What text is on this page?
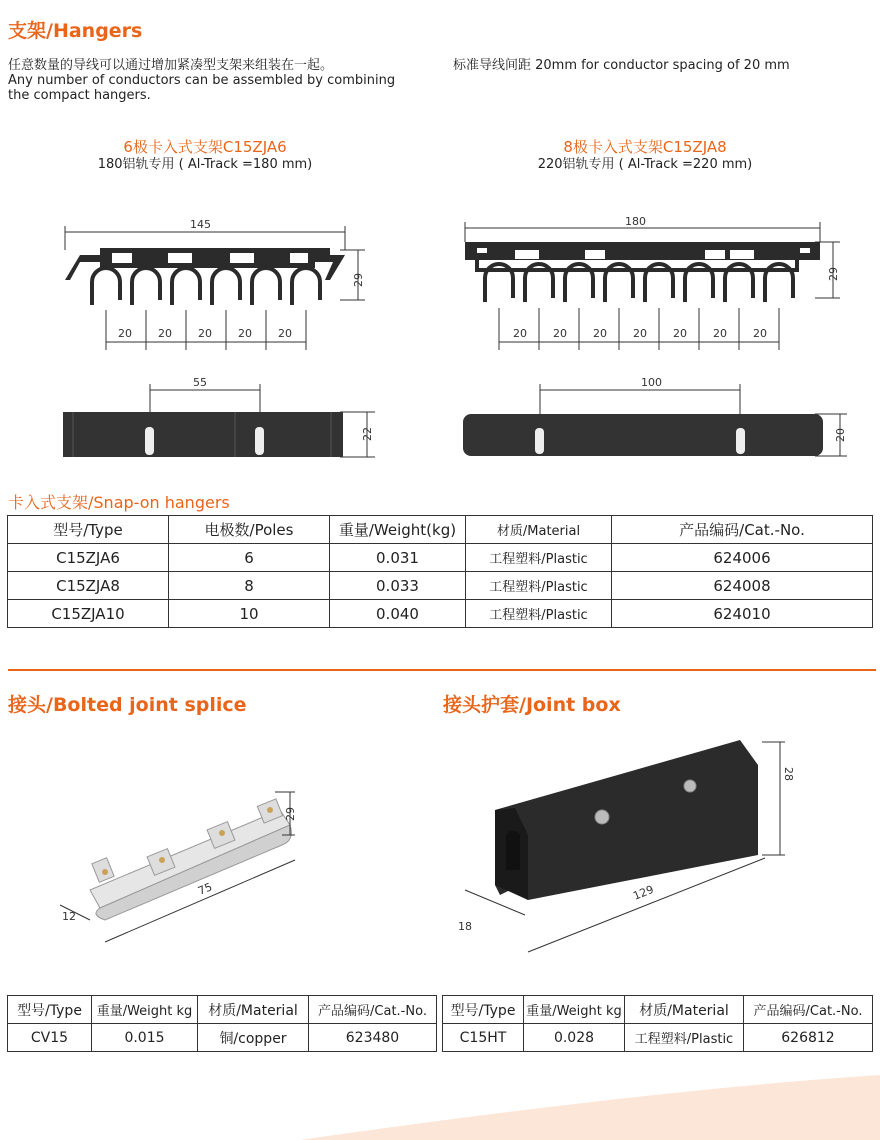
支架/Hangers
任意数量的导线可以通过增加紧凑型支架来组装在一起。
Any number of conductors can be assembled by combining
the compact hangers.
标准导线间距 20mm for conductor spacing of 20 mm
6极卡入式支架C15ZJA6
180铝轨专用 ( Al-Track =180 mm)
8极卡入式支架C15ZJA8
220铝轨专用 ( Al-Track =220 mm)
145
29
20 20 20 20 20
180
29
20 20 20 20 20 20 20
55
22
100
20
卡入式支架/Snap-on hangers
型号/Type	电极数/Poles	重量/Weight(kg)	材质/Material	产品编码/Cat.-No.
C15ZJA6	6	0.031	工程塑料/Plastic	624006
C15ZJA8	8	0.033	工程塑料/Plastic	624008
C15ZJA10	10	0.040	工程塑料/Plastic	624010
接头/Bolted joint splice
29
75
12
接头护套/Joint box
28
129
18
型号/Type	重量/Weight kg	材质/Material	产品编码/Cat.-No.
CV15	0.015	铜/copper	623480
型号/Type	重量/Weight kg	材质/Material	产品编码/Cat.-No.
C15HT	0.028	工程塑料/Plastic	626812
